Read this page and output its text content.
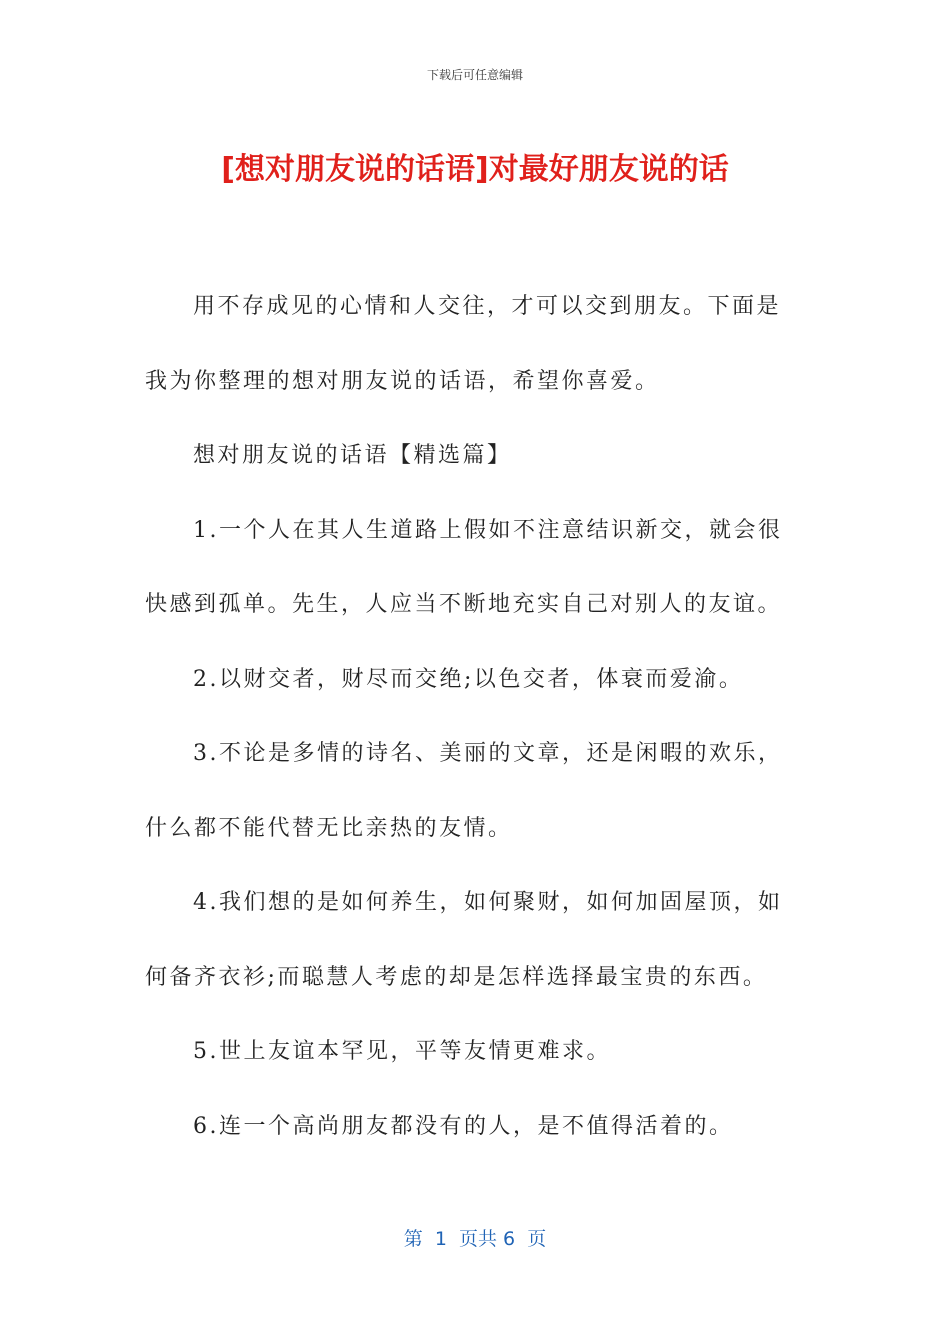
下载后可任意编辑
[想对朋友说的话语]对最好朋友说的话

用不存成见的心情和人交往，才可以交到朋友。下面是我为你整理的想对朋友说的话语，希望你喜爱。

想对朋友说的话语【精选篇】

1.一个人在其人生道路上假如不注意结识新交，就会很快感到孤单。先生，人应当不断地充实自己对别人的友谊。

2.以财交者，财尽而交绝;以色交者，体衰而爱渝。

3.不论是多情的诗名、美丽的文章，还是闲暇的欢乐，什么都不能代替无比亲热的友情。

4.我们想的是如何养生，如何聚财，如何加固屋顶，如何备齐衣衫;而聪慧人考虑的却是怎样选择最宝贵的东西。

5.世上友谊本罕见，平等友情更难求。

6.连一个高尚朋友都没有的人，是不值得活着的。

第  1  页共 6  页
